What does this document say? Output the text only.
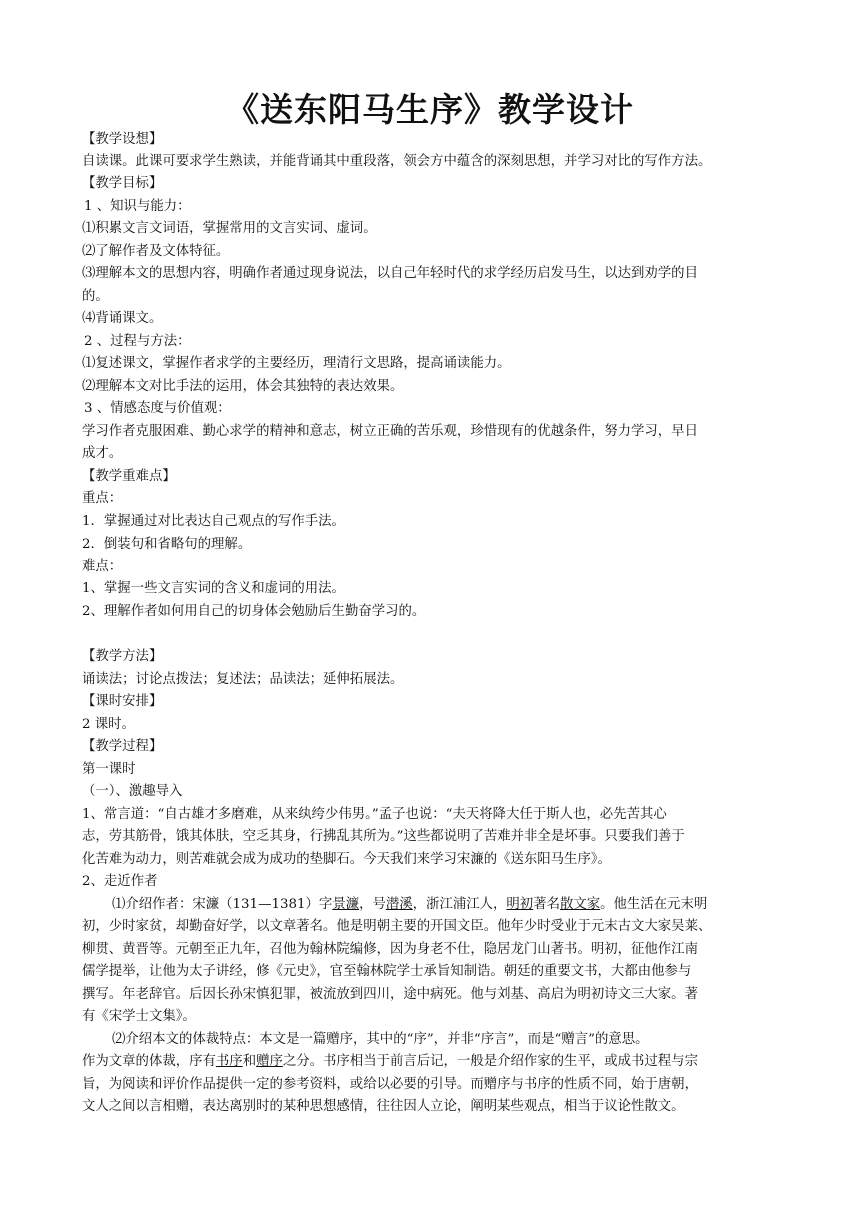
《送东阳马生序》教学设计
【教学设想】
自读课。此课可要求学生熟读，并能背诵其中重段落，领会方中蕴含的深刻思想，并学习对比的写作方法。
【教学目标】
1 、知识与能力：
⑴积累文言文词语，掌握常用的文言实词、虚词。
⑵了解作者及文体特征。
⑶理解本文的思想内容，明确作者通过现身说法，以自己年轻时代的求学经历启发马生，以达到劝学的目
的。
⑷背诵课文。
2 、过程与方法：
⑴复述课文，掌握作者求学的主要经历，理清行文思路，提高诵读能力。
⑵理解本文对比手法的运用，体会其独特的表达效果。
3 、情感态度与价值观：
学习作者克服困难、勤心求学的精神和意志，树立正确的苦乐观，珍惜现有的优越条件，努力学习，早日
成才。
【教学重难点】
重点：
1．掌握通过对比表达自己观点的写作手法。
2．倒装句和省略句的理解。
难点：
1、掌握一些文言实词的含义和虚词的用法。
2、理解作者如何用自己的切身体会勉励后生勤奋学习的。
【教学方法】
诵读法；讨论点拨法；复述法；品读法；延伸拓展法。
【课时安排】
2 课时。
【教学过程】
第一课时
（一）、激趣导入
1、常言道：“自古雄才多磨难，从来纨绔少伟男。”孟子也说：“夫天将降大任于斯人也，必先苦其心
志，劳其筋骨，饿其体肤，空乏其身，行拂乱其所为。”这些都说明了苦难并非全是坏事。只要我们善于
化苦难为动力，则苦难就会成为成功的垫脚石。今天我们来学习宋濂的《送东阳马生序》。
2、走近作者
⑴介绍作者：宋濂（131—1381）字景濂，号潜溪，浙江浦江人，明初著名散文家。他生活在元末明
初，少时家贫，却勤奋好学，以文章著名。他是明朝主要的开国文臣。他年少时受业于元末古文大家吴莱、
柳贯、黄晋等。元朝至正九年，召他为翰林院编修，因为身老不仕，隐居龙门山著书。明初，征他作江南
儒学提举，让他为太子讲经，修《元史》，官至翰林院学士承旨知制诰。朝廷的重要文书，大都由他参与
撰写。年老辞官。后因长孙宋慎犯罪，被流放到四川，途中病死。他与刘基、高启为明初诗文三大家。著
有《宋学士文集》。
⑵介绍本文的体裁特点：本文是一篇赠序，其中的“序”，并非“序言”，而是“赠言”的意思。
作为文章的体裁，序有书序和赠序之分。书序相当于前言后记，一般是介绍作家的生平，或成书过程与宗
旨，为阅读和评价作品提供一定的参考资料，或给以必要的引导。而赠序与书序的性质不同，始于唐朝，
文人之间以言相赠，表达离别时的某种思想感情，往往因人立论，阐明某些观点，相当于议论性散文。
